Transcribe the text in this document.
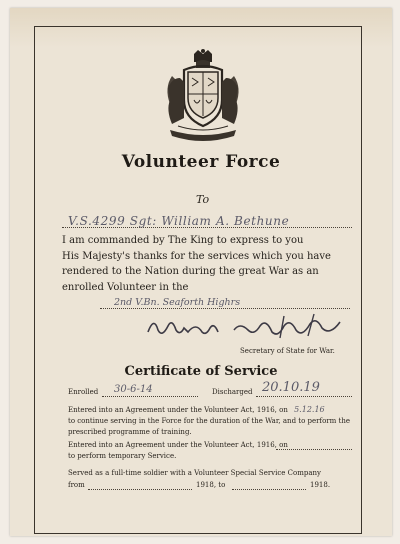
Volunteer Force
To
V.S.4299 Sgt: William A. Bethune
I am commanded by The King to express to you
His Majesty's thanks for the services which you have
rendered to the Nation during the great War as an
enrolled Volunteer in the
2nd V.Bn. Seaforth Highrs
Secretary of State for War.
Certificate of Service
Enrolled 30-6-14	Discharged 20.10.19
Entered into an Agreement under the Volunteer Act, 1916, on 5.12.16
to continue serving in the Force for the duration of the War, and to perform the
prescribed programme of training.
Entered into an Agreement under the Volunteer Act, 1916, on
to perform temporary Service.
Served as a full-time soldier with a Volunteer Special Service Company
from	1918, to	1918.
